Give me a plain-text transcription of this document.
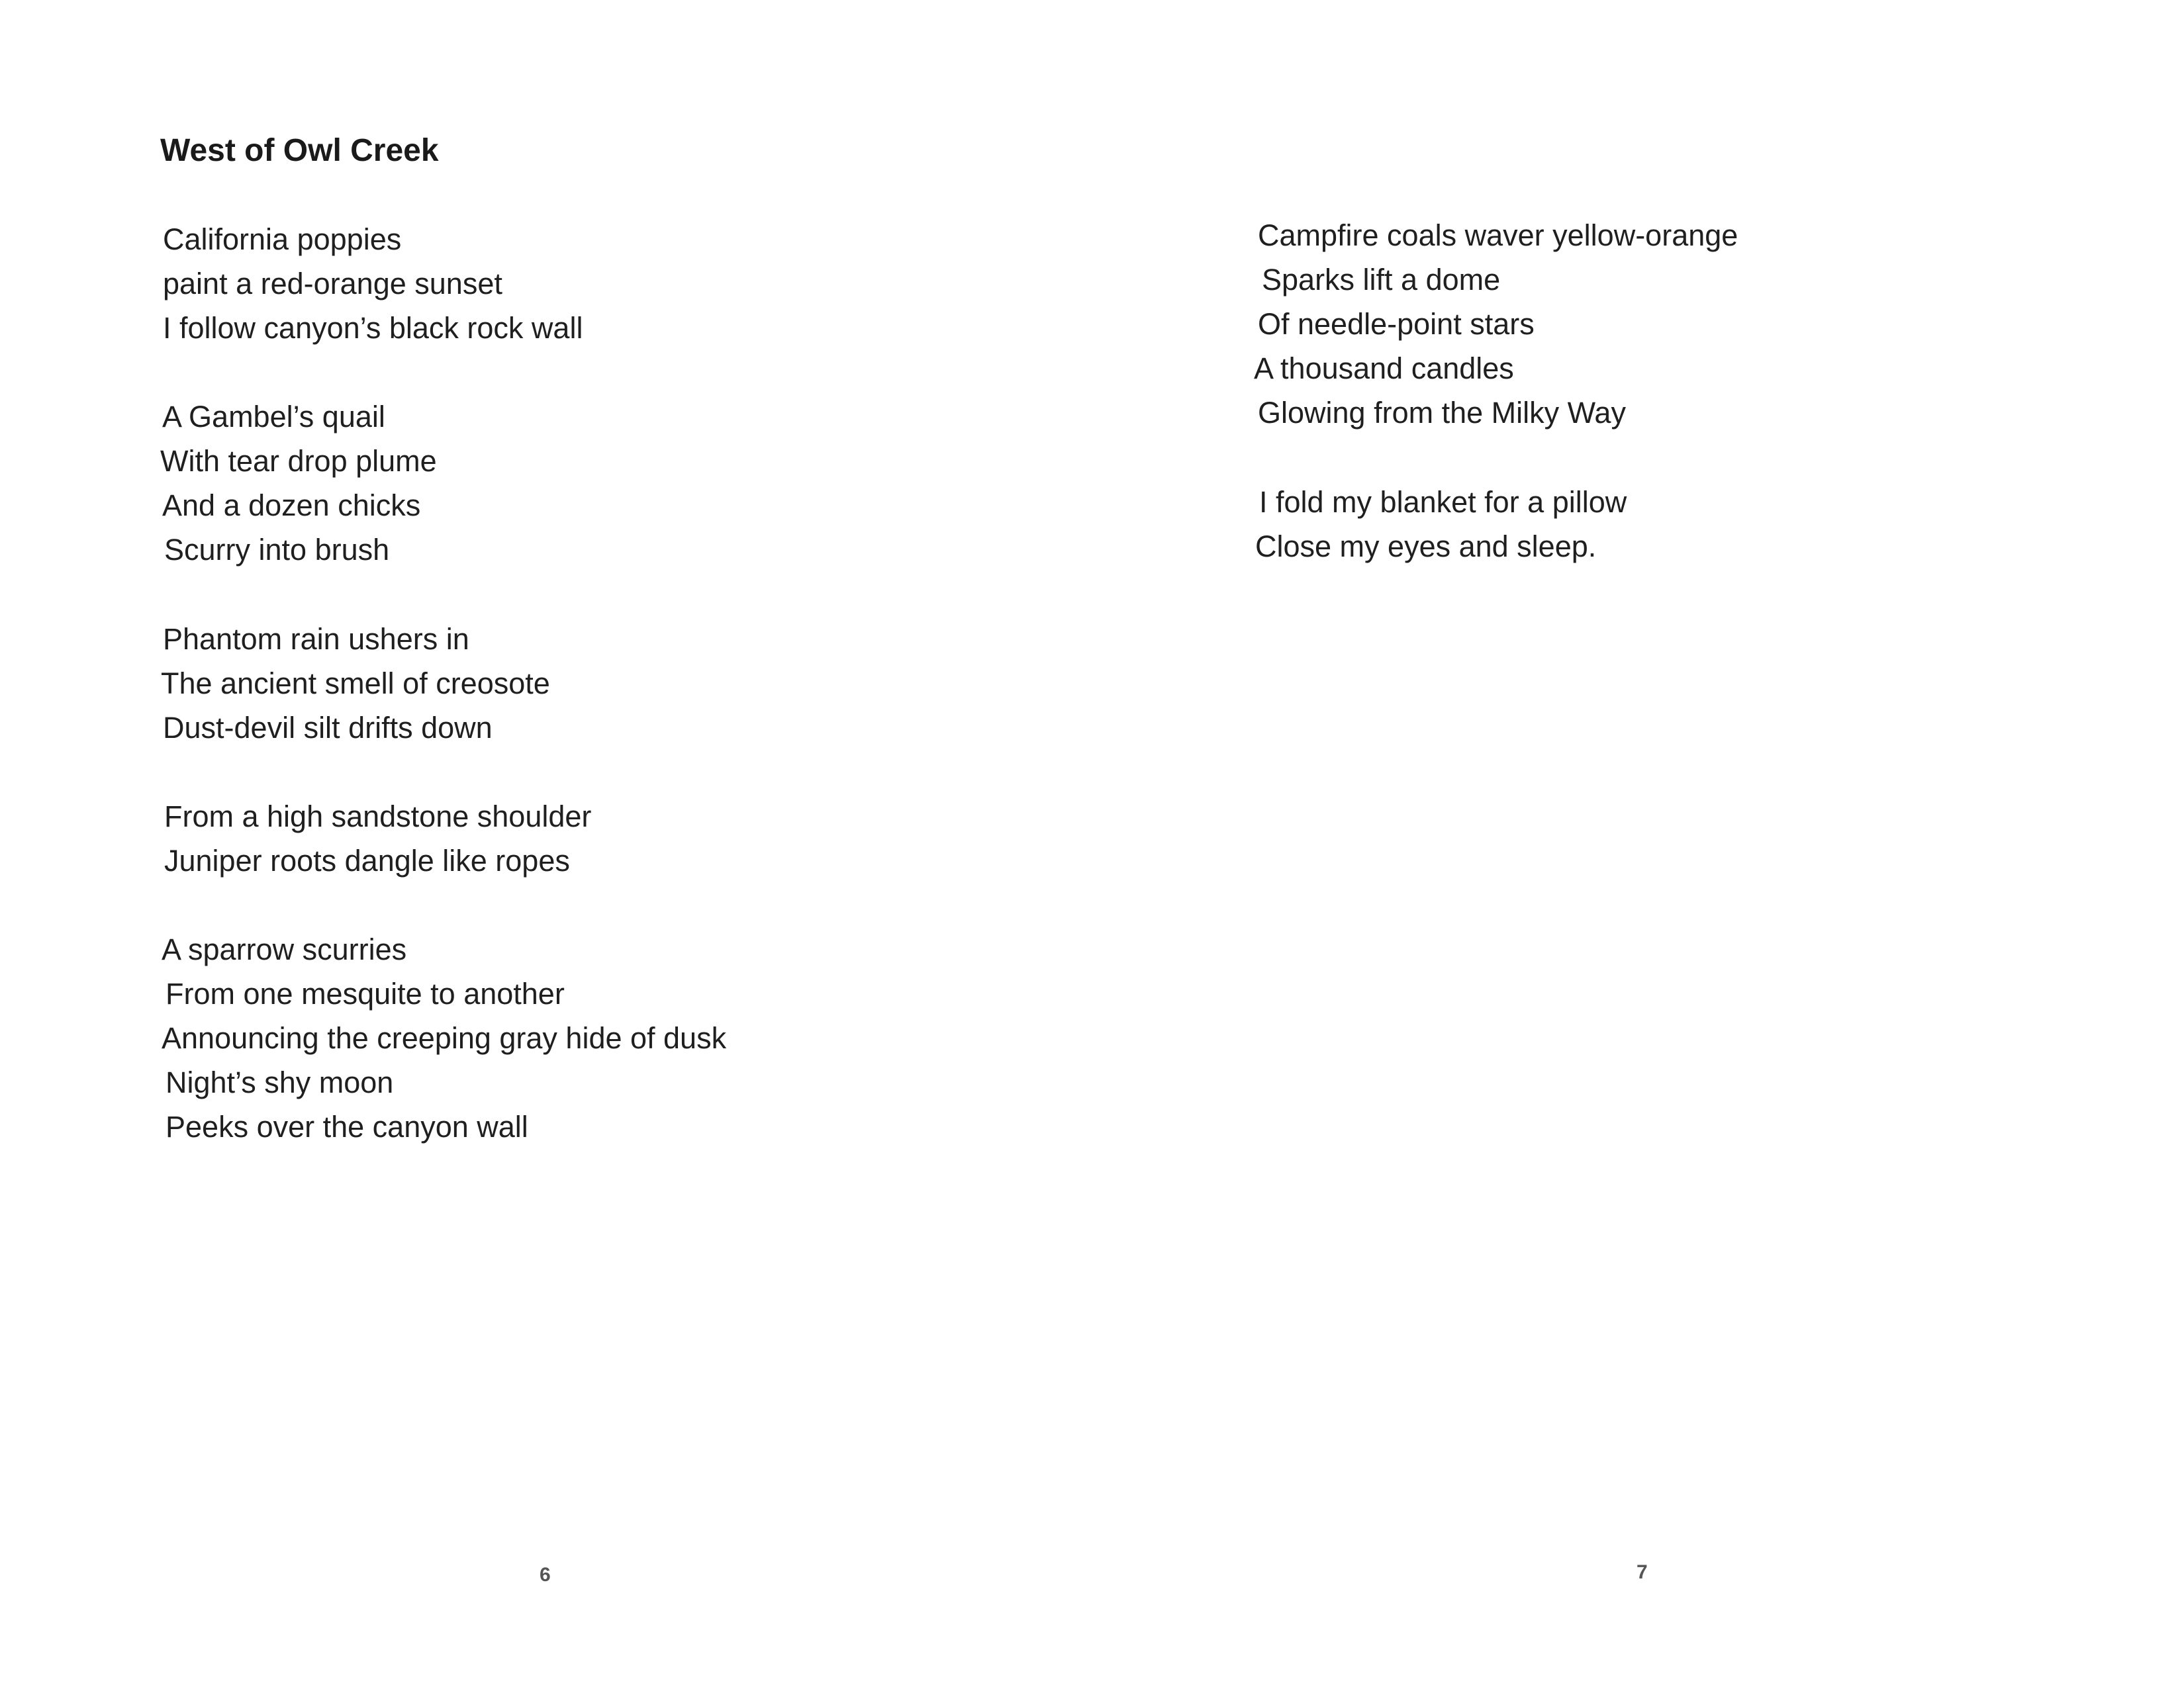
West of Owl Creek
California poppies
paint a red-orange sunset
I follow canyon’s black rock wall
A Gambel’s quail
With tear drop plume
And a dozen chicks
Scurry into brush
Phantom rain ushers in
The ancient smell of creosote
Dust-devil silt drifts down
From a high sandstone shoulder
Juniper roots dangle like ropes
A sparrow scurries
From one mesquite to another
Announcing the creeping gray hide of dusk
Night’s shy moon
Peeks over the canyon wall
6
Campfire coals waver yellow-orange
Sparks lift a dome
Of needle-point stars
A thousand candles
Glowing from the Milky Way
I fold my blanket for a pillow
Close my eyes and sleep.
7
